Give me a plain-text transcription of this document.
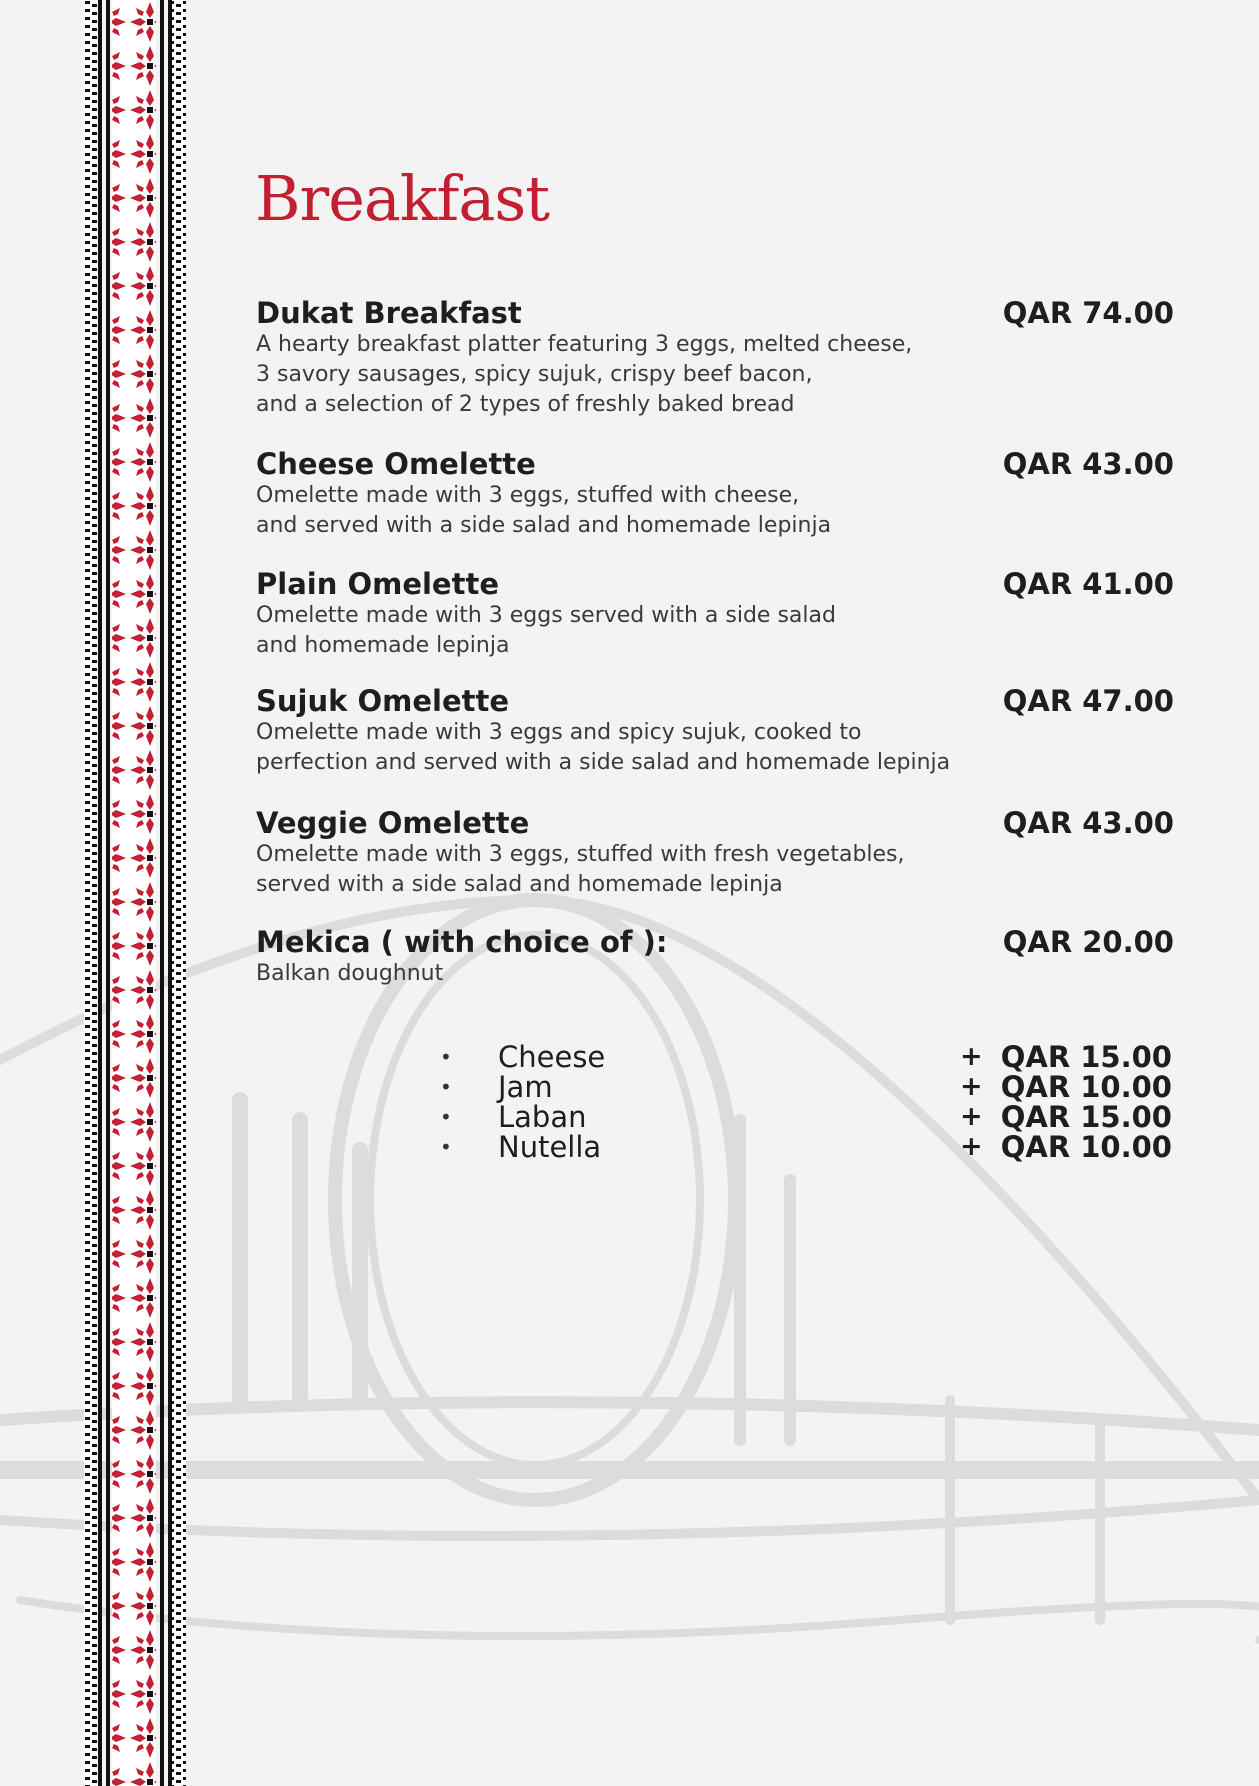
Breakfast
Dukat Breakfast	QAR 74.00
A hearty breakfast platter featuring 3 eggs, melted cheese,
3 savory sausages, spicy sujuk, crispy beef bacon,
and a selection of 2 types of freshly baked bread
Cheese Omelette	QAR 43.00
Omelette made with 3 eggs, stuffed with cheese,
and served with a side salad and homemade lepinja
Plain Omelette	QAR 41.00
Omelette made with 3 eggs served with a side salad
and homemade lepinja
Sujuk Omelette	QAR 47.00
Omelette made with 3 eggs and spicy sujuk, cooked to
perfection and served with a side salad and homemade lepinja
Veggie Omelette	QAR 43.00
Omelette made with 3 eggs, stuffed with fresh vegetables,
served with a side salad and homemade lepinja
Mekica ( with choice of ):	QAR 20.00
Balkan doughnut
• Cheese	+ QAR 15.00
• Jam	+ QAR 10.00
• Laban	+ QAR 15.00
• Nutella	+ QAR 10.00
